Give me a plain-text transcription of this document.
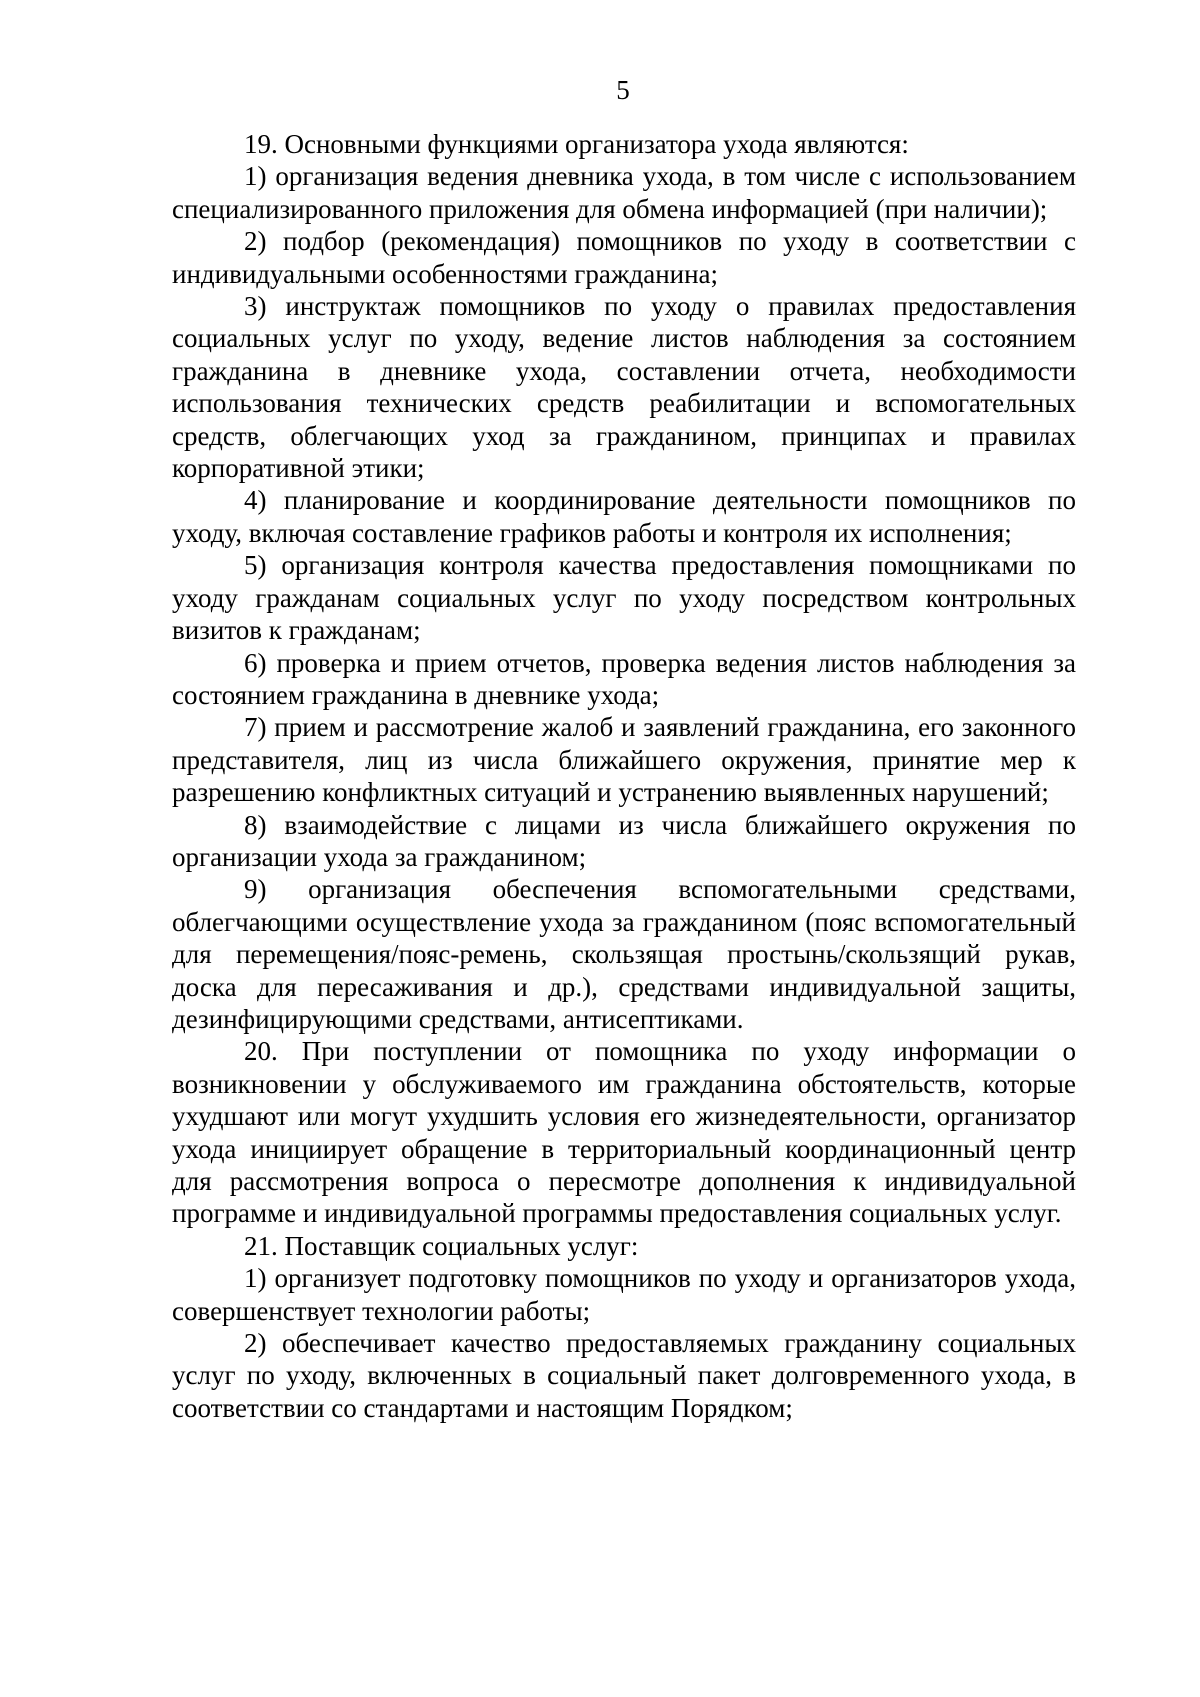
5

19. Основными функциями организатора ухода являются:

1) организация ведения дневника ухода, в том числе с использованием специализированного приложения для обмена информацией (при наличии);

2) подбор (рекомендация) помощников по уходу в соответствии с индивидуальными особенностями гражданина;

3) инструктаж помощников по уходу о правилах предоставления социальных услуг по уходу, ведение листов наблюдения за состоянием гражданина в дневнике ухода, составлении отчета, необходимости использования технических средств реабилитации и вспомогательных средств, облегчающих уход за гражданином, принципах и правилах корпоративной этики;

4) планирование и координирование деятельности помощников по уходу, включая составление графиков работы и контроля их исполнения;

5) организация контроля качества предоставления помощниками по уходу гражданам социальных услуг по уходу посредством контрольных визитов к гражданам;

6) проверка и прием отчетов, проверка ведения листов наблюдения за состоянием гражданина в дневнике ухода;

7) прием и рассмотрение жалоб и заявлений гражданина, его законного представителя, лиц из числа ближайшего окружения, принятие мер к разрешению конфликтных ситуаций и устранению выявленных нарушений;

8) взаимодействие с лицами из числа ближайшего окружения по организации ухода за гражданином;

9) организация обеспечения вспомогательными средствами, облегчающими осуществление ухода за гражданином (пояс вспомогательный для перемещения/пояс-ремень, скользящая простынь/скользящий рукав, доска для пересаживания и др.), средствами индивидуальной защиты, дезинфицирующими средствами, антисептиками.

20. При поступлении от помощника по уходу информации о возникновении у обслуживаемого им гражданина обстоятельств, которые ухудшают или могут ухудшить условия его жизнедеятельности, организатор ухода инициирует обращение в территориальный координационный центр для рассмотрения вопроса о пересмотре дополнения к индивидуальной программе и индивидуальной программы предоставления социальных услуг.

21. Поставщик социальных услуг:

1) организует подготовку помощников по уходу и организаторов ухода, совершенствует технологии работы;

2) обеспечивает качество предоставляемых гражданину социальных услуг по уходу, включенных в социальный пакет долговременного ухода, в соответствии со стандартами и настоящим Порядком;
